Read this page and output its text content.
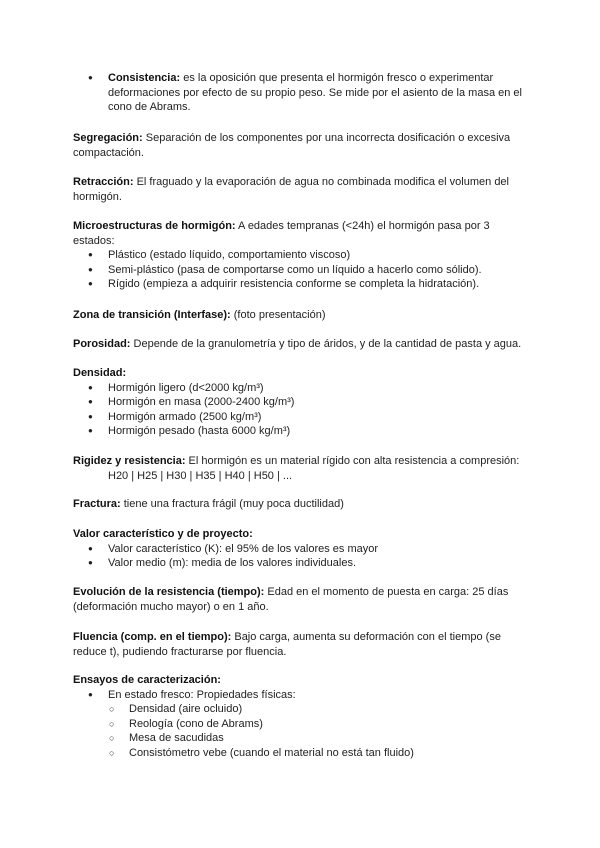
● Consistencia: es la oposición que presenta el hormigón fresco o experimentar deformaciones por efecto de su propio peso. Se mide por el asiento de la masa en el cono de Abrams.

Segregación: Separación de los componentes por una incorrecta dosificación o excesiva compactación.

Retracción: El fraguado y la evaporación de agua no combinada modifica el volumen del hormigón.

Microestructuras de hormigón: A edades tempranas (<24h) el hormigón pasa por 3 estados:

● Plástico (estado líquido, comportamiento viscoso)
● Semi-plástico (pasa de comportarse como un líquido a hacerlo como sólido).
● Rígido (empieza a adquirir resistencia conforme se completa la hidratación).

Zona de transición (Interfase): (foto presentación)

Porosidad: Depende de la granulometría y tipo de áridos, y de la cantidad de pasta y agua.

Densidad:

● Hormigón ligero (d<2000 kg/m³)
● Hormigón en masa (2000-2400 kg/m³)
● Hormigón armado (2500 kg/m³)
● Hormigón pesado (hasta 6000 kg/m³)

Rigidez y resistencia: El hormigón es un material rígido con alta resistencia a compresión:

H20 | H25 | H30 | H35 | H40 | H50 | ...

Fractura: tiene una fractura frágil (muy poca ductilidad)

Valor característico y de proyecto:

● Valor característico (K): el 95% de los valores es mayor
● Valor medio (m): media de los valores individuales.

Evolución de la resistencia (tiempo): Edad en el momento de puesta en carga: 25 días (deformación mucho mayor) o en 1 año.

Fluencia (comp. en el tiempo): Bajo carga, aumenta su deformación con el tiempo (se reduce t), pudiendo fracturarse por fluencia.

Ensayos de caracterización:

● En estado fresco: Propiedades físicas:
○ Densidad (aire ocluido)
○ Reología (cono de Abrams)
○ Mesa de sacudidas
○ Consistómetro vebe (cuando el material no está tan fluido)
